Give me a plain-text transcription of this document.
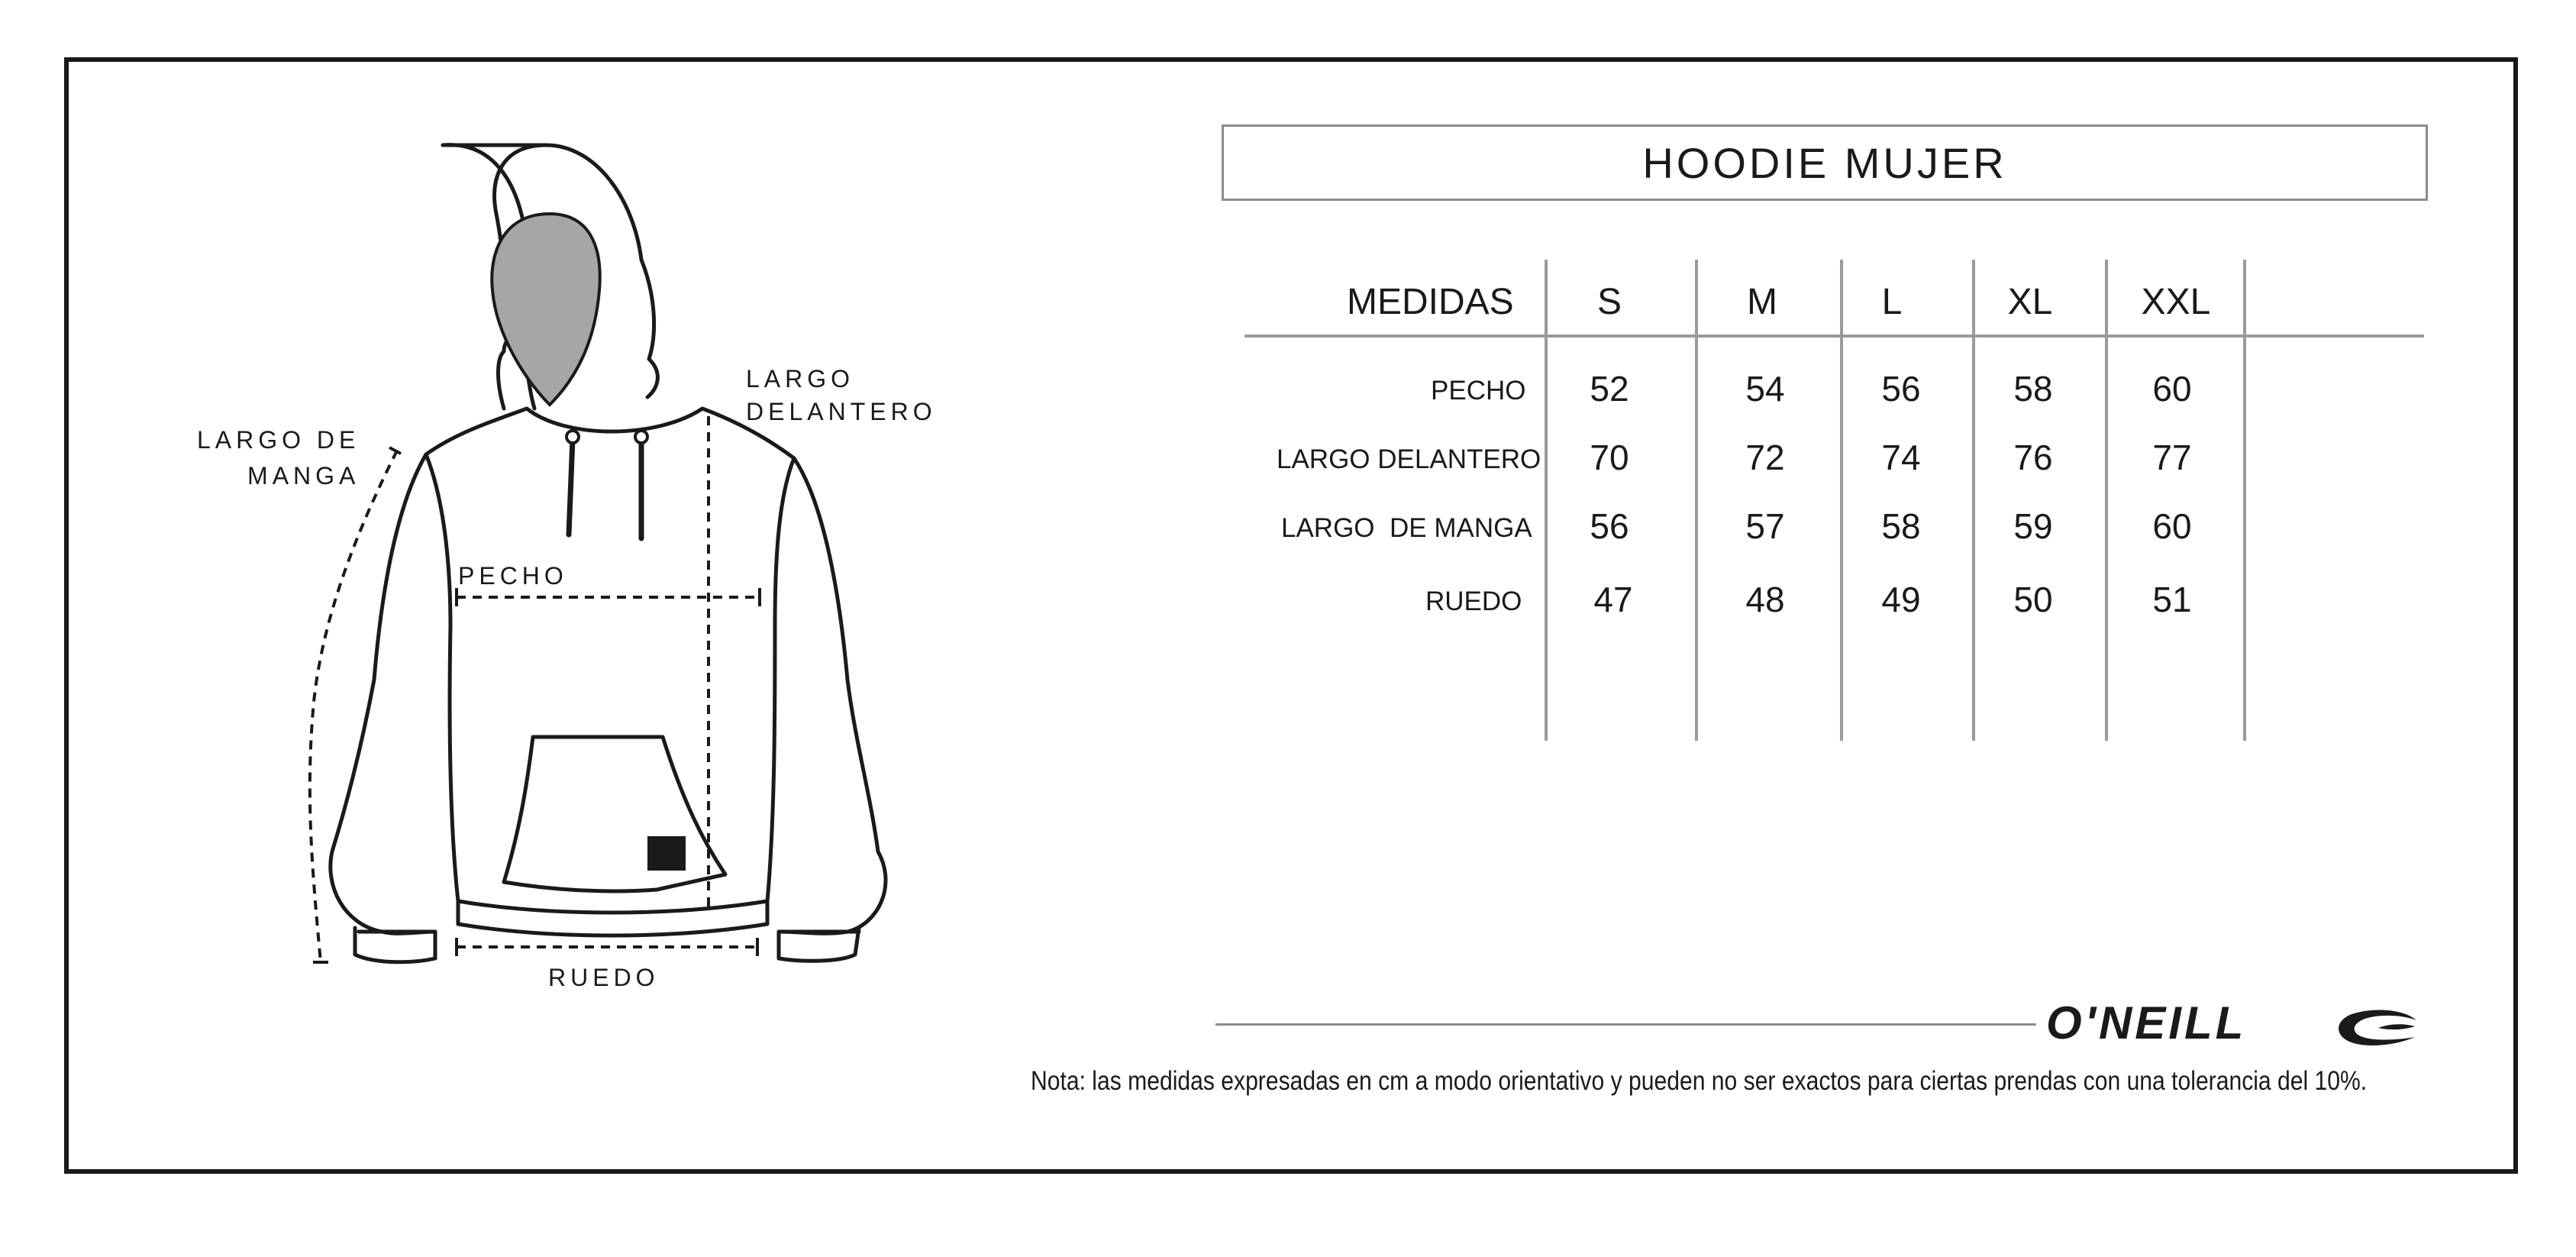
LARGO DE
MANGA
LARGO
DELANTERO
PECHO
RUEDO
HOODIE MUJER
MEDIDAS	S	M	L	XL	XXL
PECHO	52	54	56	58	60
LARGO DELANTERO	70	72	74	76	77
LARGO  DE MANGA	56	57	58	59	60
RUEDO	47	48	49	50	51
O'NEILL
Nota: las medidas expresadas en cm a modo orientativo y pueden no ser exactos para ciertas prendas con una tolerancia del 10%.
